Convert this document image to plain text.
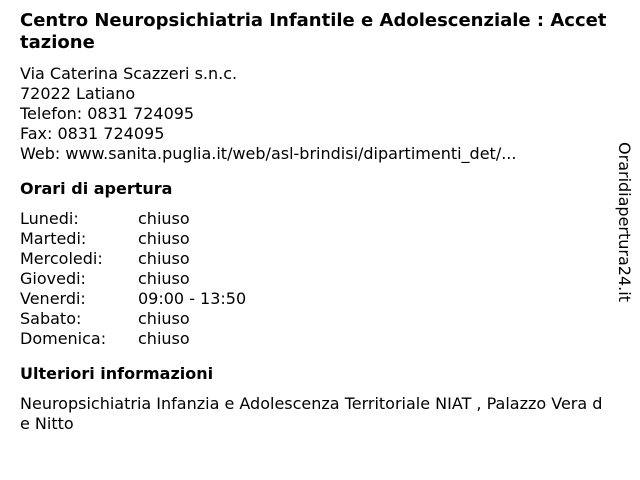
Centro Neuropsichiatria Infantile e Adolescenziale : Accettazione
Via Caterina Scazzeri s.n.c.
72022 Latiano
Telefon: 0831 724095
Fax: 0831 724095
Web: www.sanita.puglia.it/web/asl-brindisi/dipartimenti_det/...
Orari di apertura
Lunedi:	chiuso
Martedi:	chiuso
Mercoledi:	chiuso
Giovedi:	chiuso
Venerdi:	09:00 - 13:50
Sabato:	chiuso
Domenica:	chiuso
Ulteriori informazioni
Neuropsichiatria Infanzia e Adolescenza Territoriale NIAT , Palazzo Vera de Nitto
Oraridiapertura24.it
